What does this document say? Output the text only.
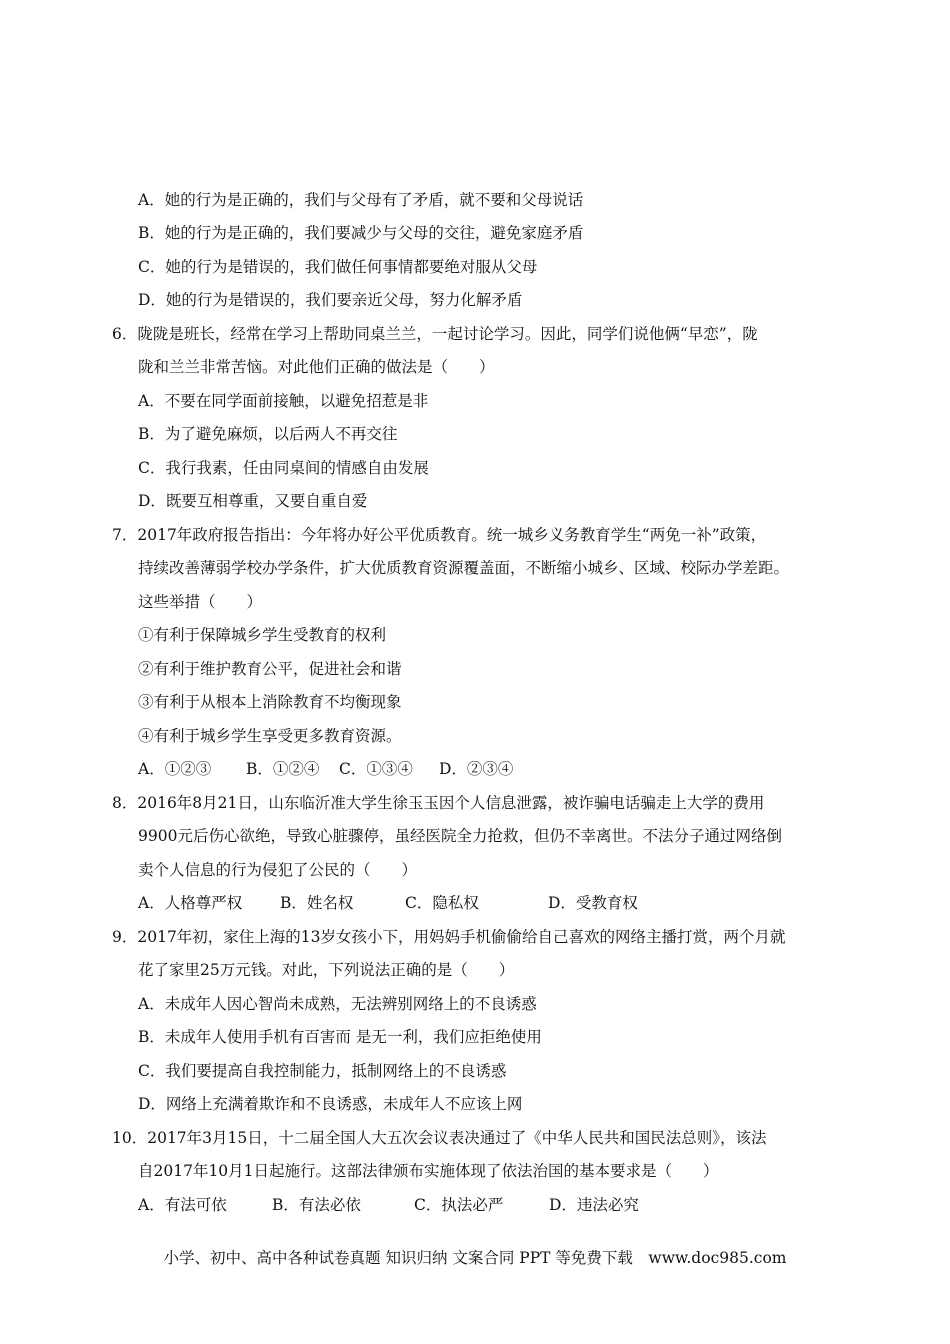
A．她的行为是正确的，我们与父母有了矛盾，就不要和父母说话
B．她的行为是正确的，我们要减少与父母的交往，避免家庭矛盾
C．她的行为是错误的，我们做任何事情都要绝对服从父母
D．她的行为是错误的，我们要亲近父母，努力化解矛盾
6．陇陇是班长，经常在学习上帮助同桌兰兰，一起讨论学习。因此，同学们说他俩“早恋”，陇
陇和兰兰非常苦恼。对此他们正确的做法是（　　）
A．不要在同学面前接触，以避免招惹是非
B．为了避免麻烦，以后两人不再交往
C．我行我素，任由同桌间的情感自由发展
D．既要互相尊重，又要自重自爱
7．2017年政府报告指出：今年将办好公平优质教育。统一城乡义务教育学生“两免一补”政策，
持续改善薄弱学校办学条件，扩大优质教育资源覆盖面，不断缩小城乡、区域、校际办学差距。
这些举措（　　）
①有利于保障城乡学生受教育的权利
②有利于维护教育公平，促进社会和谐
③有利于从根本上消除教育不均衡现象
④有利于城乡学生享受更多教育资源。
A．①②③ B．①②④ C．①③④ D．②③④
8．2016年8月21日，山东临沂准大学生徐玉玉因个人信息泄露，被诈骗电话骗走上大学的费用
9900元后伤心欲绝，导致心脏骤停，虽经医院全力抢救，但仍不幸离世。不法分子通过网络倒
卖个人信息的行为侵犯了公民的（　　）
A．人格尊严权 B．姓名权	C．隐私权	D．受教育权
9．2017年初，家住上海的13岁女孩小下，用妈妈手机偷偷给自己喜欢的网络主播打赏，两个月就
花了家里25万元钱。对此，下列说法正确的是（　　）
A．未成年人因心智尚未成熟，无法辨别网络上的不良诱惑
B．未成年人使用手机有百害而 是无一利，我们应拒绝使用
C．我们要提高自我控制能力，抵制网络上的不良诱惑
D．网络上充满着欺诈和不良诱惑，未成年人不应该上网
10．2017年3月15日，十二届全国人大五次会议表决通过了《中华人民共和国民法总则》，该法
自2017年10月1日起施行。这部法律颁布实施体现了依法治国的基本要求是（　　）
A．有法可依	B．有法必依	C．执法必严	D．违法必究
小学、初中、高中各种试卷真题 知识归纳 文案合同 PPT 等免费下载　www.doc985.com
